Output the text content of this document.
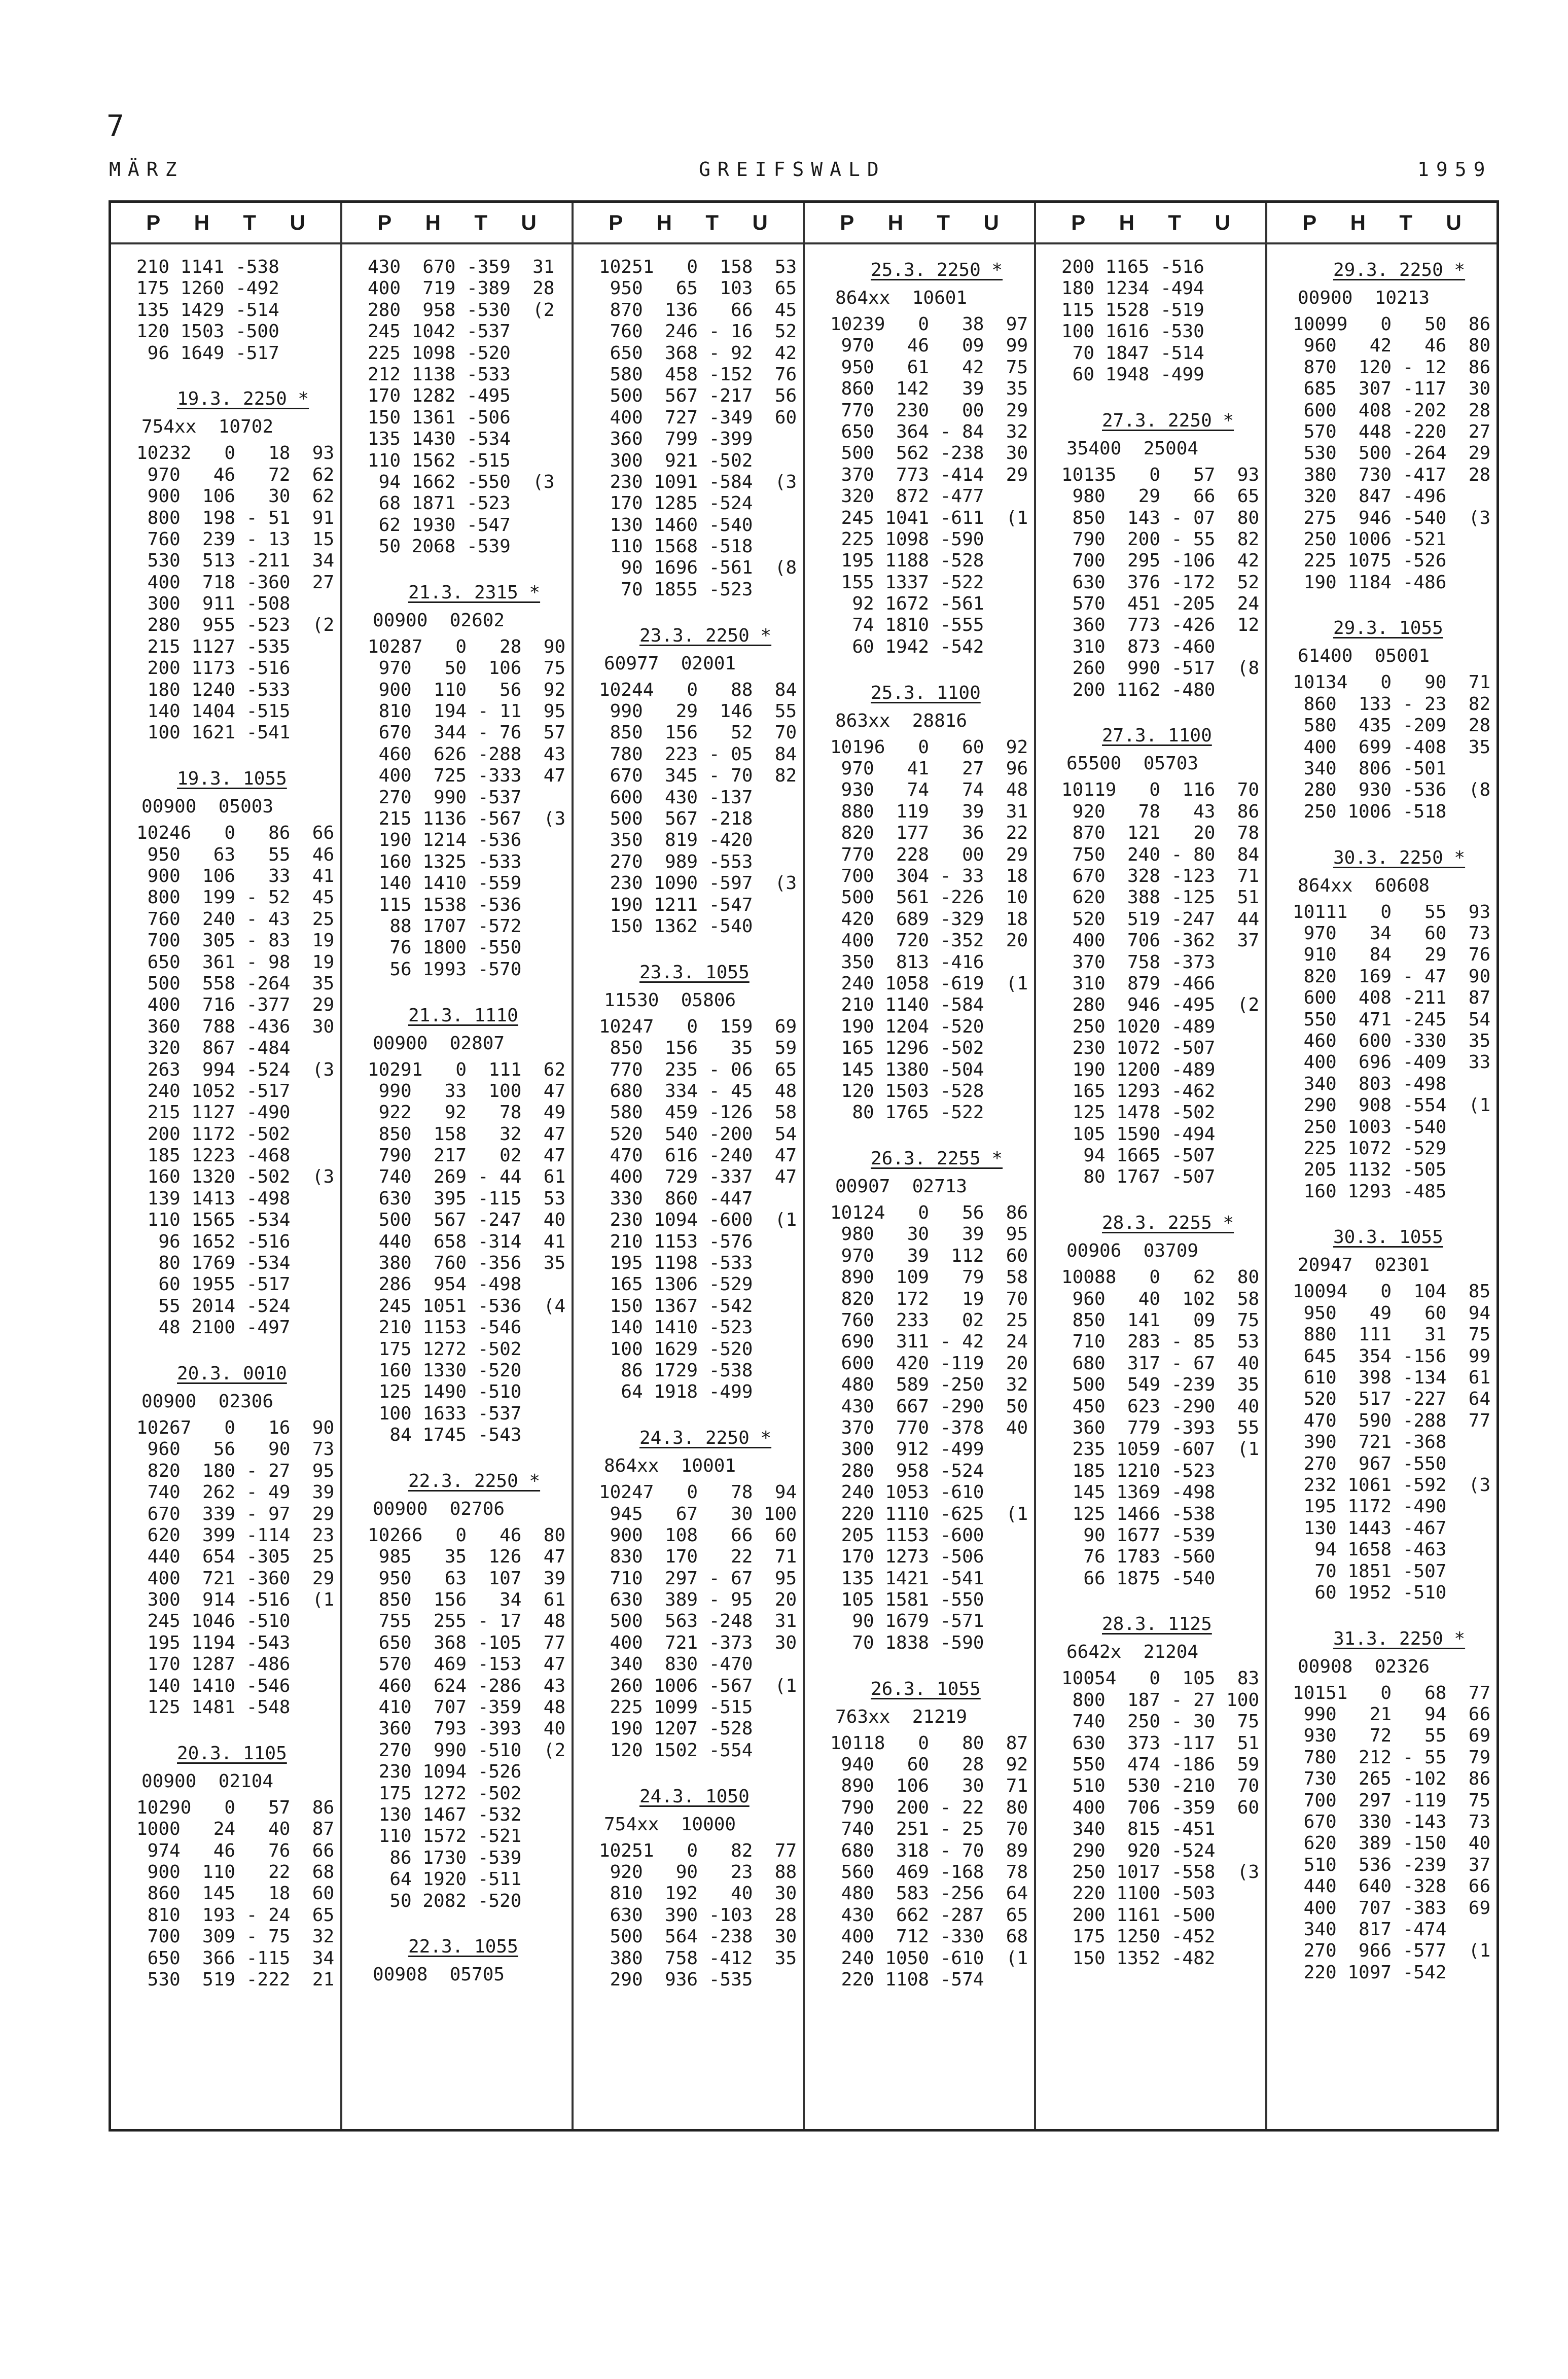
7
MÄRZ	GREIFSWALD	1959
P H T U
210 1141 -538
175 1260 -492
135 1429 -514
120 1503 -500
96 1649 -517
19.3. 2250 *
754xx  10702
10232   0   18  93
970   46   72  62
900  106   30  62
800  198 - 51  91
760  239 - 13  15
530  513 -211  34
400  718 -360  27
300  911 -508
280  955 -523  (2
215 1127 -535
200 1173 -516
180 1240 -533
140 1404 -515
100 1621 -541
19.3. 1055
00900  05003
10246   0   86  66
950   63   55  46
900  106   33  41
800  199 - 52  45
760  240 - 43  25
700  305 - 83  19
650  361 - 98  19
500  558 -264  35
400  716 -377  29
360  788 -436  30
320  867 -484
263  994 -524  (3
240 1052 -517
215 1127 -490
200 1172 -502
185 1223 -468
160 1320 -502  (3
139 1413 -498
110 1565 -534
96 1652 -516
80 1769 -534
60 1955 -517
55 2014 -524
48 2100 -497
20.3. 0010
00900  02306
10267   0   16  90
960   56   90  73
820  180 - 27  95
740  262 - 49  39
670  339 - 97  29
620  399 -114  23
440  654 -305  25
400  721 -360  29
300  914 -516  (1
245 1046 -510
195 1194 -543
170 1287 -486
140 1410 -546
125 1481 -548
20.3. 1105
00900  02104
10290   0   57  86
1000   24   40  87
974   46   76  66
900  110   22  68
860  145   18  60
810  193 - 24  65
700  309 - 75  32
650  366 -115  34
530  519 -222  21
P H T U
430  670 -359  31
400  719 -389  28
280  958 -530  (2
245 1042 -537
225 1098 -520
212 1138 -533
170 1282 -495
150 1361 -506
135 1430 -534
110 1562 -515
94 1662 -550  (3
68 1871 -523
62 1930 -547
50 2068 -539
21.3. 2315 *
00900  02602
10287   0   28  90
970   50  106  75
900  110   56  92
810  194 - 11  95
670  344 - 76  57
460  626 -288  43
400  725 -333  47
270  990 -537
215 1136 -567  (3
190 1214 -536
160 1325 -533
140 1410 -559
115 1538 -536
88 1707 -572
76 1800 -550
56 1993 -570
21.3. 1110
00900  02807
10291   0  111  62
990   33  100  47
922   92   78  49
850  158   32  47
790  217   02  47
740  269 - 44  61
630  395 -115  53
500  567 -247  40
440  658 -314  41
380  760 -356  35
286  954 -498
245 1051 -536  (4
210 1153 -546
175 1272 -502
160 1330 -520
125 1490 -510
100 1633 -537
84 1745 -543
22.3. 2250 *
00900  02706
10266   0   46  80
985   35  126  47
950   63  107  39
850  156   34  61
755  255 - 17  48
650  368 -105  77
570  469 -153  47
460  624 -286  43
410  707 -359  48
360  793 -393  40
270  990 -510  (2
230 1094 -526
175 1272 -502
130 1467 -532
110 1572 -521
86 1730 -539
64 1920 -511
50 2082 -520
22.3. 1055
00908  05705
P H T U
10251   0  158  53
950   65  103  65
870  136   66  45
760  246 - 16  52
650  368 - 92  42
580  458 -152  76
500  567 -217  56
400  727 -349  60
360  799 -399
300  921 -502
230 1091 -584  (3
170 1285 -524
130 1460 -540
110 1568 -518
90 1696 -561  (8
70 1855 -523
23.3. 2250 *
60977  02001
10244   0   88  84
990   29  146  55
850  156   52  70
780  223 - 05  84
670  345 - 70  82
600  430 -137
500  567 -218
350  819 -420
270  989 -553
230 1090 -597  (3
190 1211 -547
150 1362 -540
23.3. 1055
11530  05806
10247   0  159  69
850  156   35  59
770  235 - 06  65
680  334 - 45  48
580  459 -126  58
520  540 -200  54
470  616 -240  47
400  729 -337  47
330  860 -447
230 1094 -600  (1
210 1153 -576
195 1198 -533
165 1306 -529
150 1367 -542
140 1410 -523
100 1629 -520
86 1729 -538
64 1918 -499
24.3. 2250 *
864xx  10001
10247   0   78  94
945   67   30 100
900  108   66  60
830  170   22  71
710  297 - 67  95
630  389 - 95  20
500  563 -248  31
400  721 -373  30
340  830 -470
260 1006 -567  (1
225 1099 -515
190 1207 -528
120 1502 -554
24.3. 1050
754xx  10000
10251   0   82  77
920   90   23  88
810  192   40  30
630  390 -103  28
500  564 -238  30
380  758 -412  35
290  936 -535
P H T U
25.3. 2250 *
864xx  10601
10239   0   38  97
970   46   09  99
950   61   42  75
860  142   39  35
770  230   00  29
650  364 - 84  32
500  562 -238  30
370  773 -414  29
320  872 -477
245 1041 -611  (1
225 1098 -590
195 1188 -528
155 1337 -522
92 1672 -561
74 1810 -555
60 1942 -542
25.3. 1100
863xx  28816
10196   0   60  92
970   41   27  96
930   74   74  48
880  119   39  31
820  177   36  22
770  228   00  29
700  304 - 33  18
500  561 -226  10
420  689 -329  18
400  720 -352  20
350  813 -416
240 1058 -619  (1
210 1140 -584
190 1204 -520
165 1296 -502
145 1380 -504
120 1503 -528
80 1765 -522
26.3. 2255 *
00907  02713
10124   0   56  86
980   30   39  95
970   39  112  60
890  109   79  58
820  172   19  70
760  233   02  25
690  311 - 42  24
600  420 -119  20
480  589 -250  32
430  667 -290  50
370  770 -378  40
300  912 -499
280  958 -524
240 1053 -610
220 1110 -625  (1
205 1153 -600
170 1273 -506
135 1421 -541
105 1581 -550
90 1679 -571
70 1838 -590
26.3. 1055
763xx  21219
10118   0   80  87
940   60   28  92
890  106   30  71
790  200 - 22  80
740  251 - 25  70
680  318 - 70  89
560  469 -168  78
480  583 -256  64
430  662 -287  65
400  712 -330  68
240 1050 -610  (1
220 1108 -574
P H T U
200 1165 -516
180 1234 -494
115 1528 -519
100 1616 -530
70 1847 -514
60 1948 -499
27.3. 2250 *
35400  25004
10135   0   57  93
980   29   66  65
850  143 - 07  80
790  200 - 55  82
700  295 -106  42
630  376 -172  52
570  451 -205  24
360  773 -426  12
310  873 -460
260  990 -517  (8
200 1162 -480
27.3. 1100
65500  05703
10119   0  116  70
920   78   43  86
870  121   20  78
750  240 - 80  84
670  328 -123  71
620  388 -125  51
520  519 -247  44
400  706 -362  37
370  758 -373
310  879 -466
280  946 -495  (2
250 1020 -489
230 1072 -507
190 1200 -489
165 1293 -462
125 1478 -502
105 1590 -494
94 1665 -507
80 1767 -507
28.3. 2255 *
00906  03709
10088   0   62  80
960   40  102  58
850  141   09  75
710  283 - 85  53
680  317 - 67  40
500  549 -239  35
450  623 -290  40
360  779 -393  55
235 1059 -607  (1
185 1210 -523
145 1369 -498
125 1466 -538
90 1677 -539
76 1783 -560
66 1875 -540
28.3. 1125
6642x  21204
10054   0  105  83
800  187 - 27 100
740  250 - 30  75
630  373 -117  51
550  474 -186  59
510  530 -210  70
400  706 -359  60
340  815 -451
290  920 -524
250 1017 -558  (3
220 1100 -503
200 1161 -500
175 1250 -452
150 1352 -482
P H T U
29.3. 2250 *
00900  10213
10099   0   50  86
960   42   46  80
870  120 - 12  86
685  307 -117  30
600  408 -202  28
570  448 -220  27
530  500 -264  29
380  730 -417  28
320  847 -496
275  946 -540  (3
250 1006 -521
225 1075 -526
190 1184 -486
29.3. 1055
61400  05001
10134   0   90  71
860  133 - 23  82
580  435 -209  28
400  699 -408  35
340  806 -501
280  930 -536  (8
250 1006 -518
30.3. 2250 *
864xx  60608
10111   0   55  93
970   34   60  73
910   84   29  76
820  169 - 47  90
600  408 -211  87
550  471 -245  54
460  600 -330  35
400  696 -409  33
340  803 -498
290  908 -554  (1
250 1003 -540
225 1072 -529
205 1132 -505
160 1293 -485
30.3. 1055
20947  02301
10094   0  104  85
950   49   60  94
880  111   31  75
645  354 -156  99
610  398 -134  61
520  517 -227  64
470  590 -288  77
390  721 -368
270  967 -550
232 1061 -592  (3
195 1172 -490
130 1443 -467
94 1658 -463
70 1851 -507
60 1952 -510
31.3. 2250 *
00908  02326
10151   0   68  77
990   21   94  66
930   72   55  69
780  212 - 55  79
730  265 -102  86
700  297 -119  75
670  330 -143  73
620  389 -150  40
510  536 -239  37
440  640 -328  66
400  707 -383  69
340  817 -474
270  966 -577  (1
220 1097 -542
